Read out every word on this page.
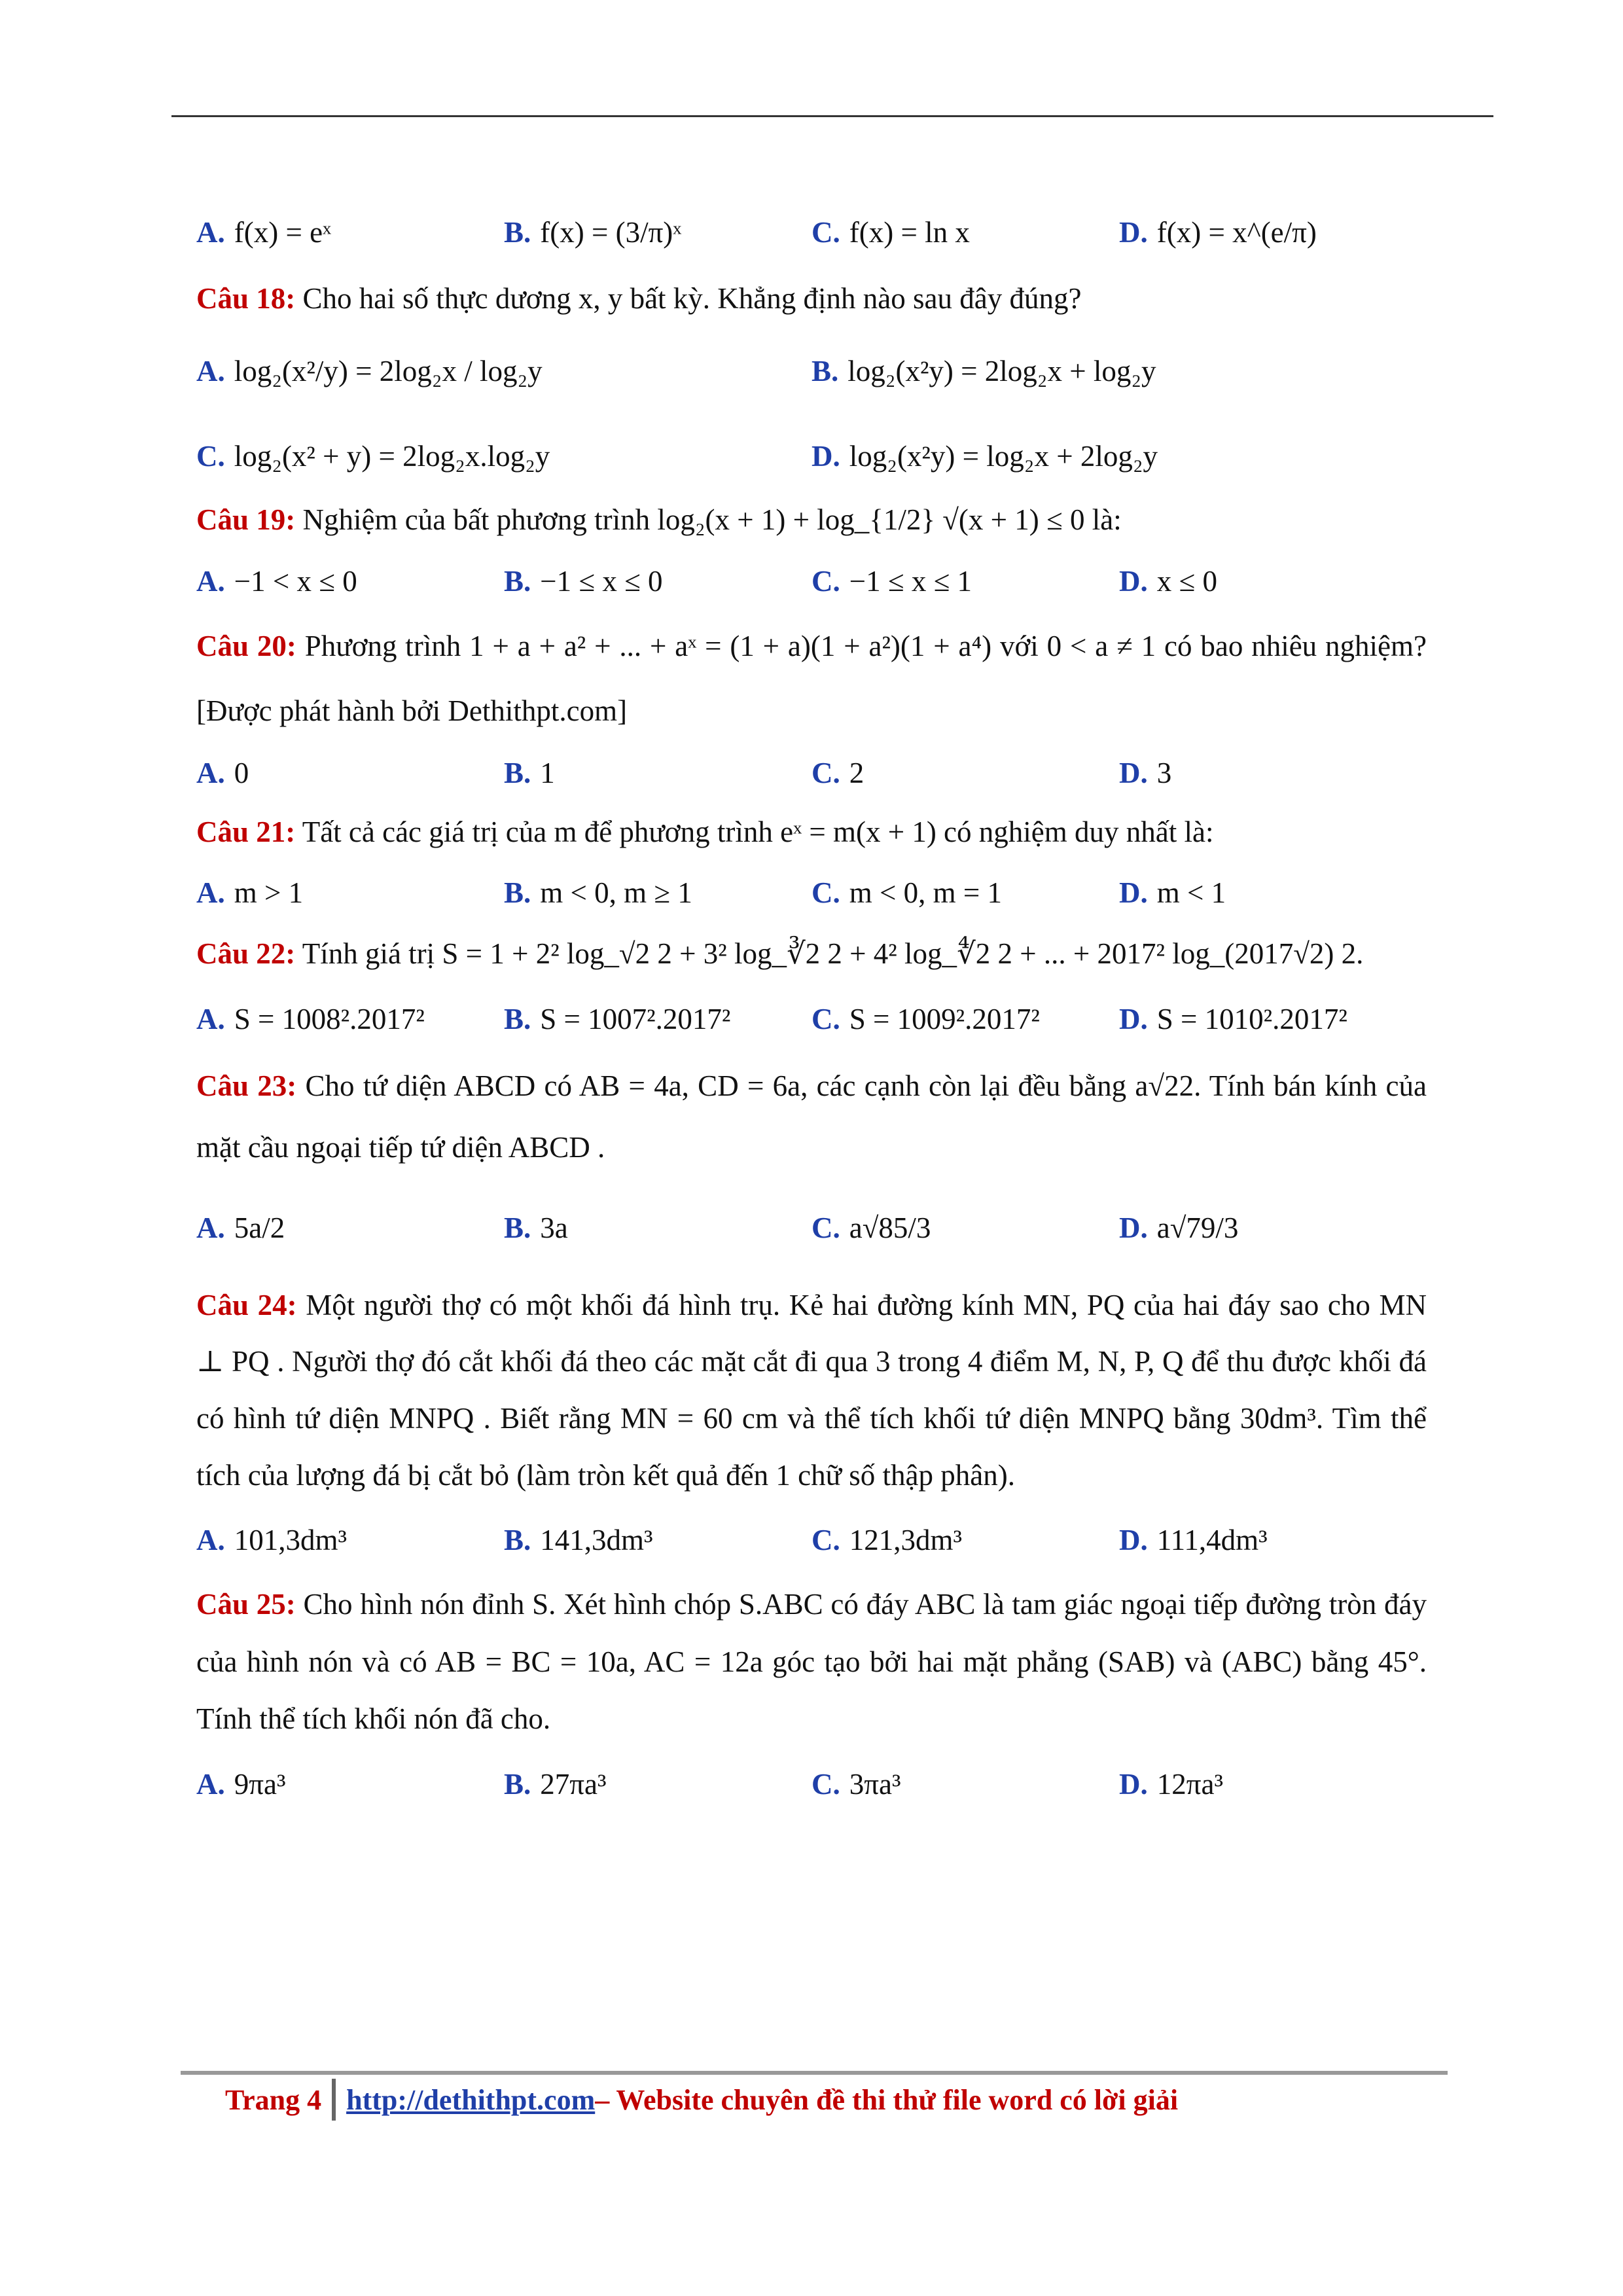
A. f(x) = eˣ	B. f(x) = (3/π)ˣ	C. f(x) = ln x	D. f(x) = x^(e/π)

Câu 18: Cho hai số thực dương x, y bất kỳ. Khẳng định nào sau đây đúng?

A. log₂(x²/y) = 2log₂x / log₂y	B. log₂(x²y) = 2log₂x + log₂y
C. log₂(x² + y) = 2log₂x.log₂y	D. log₂(x²y) = log₂x + 2log₂y

Câu 19: Nghiệm của bất phương trình log₂(x + 1) + log_{1/2} √(x + 1) ≤ 0 là:

A. −1 < x ≤ 0	B. −1 ≤ x ≤ 0	C. −1 ≤ x ≤ 1	D. x ≤ 0

Câu 20: Phương trình 1 + a + a² + ... + aˣ = (1 + a)(1 + a²)(1 + a⁴) với 0 < a ≠ 1 có bao nhiêu nghiệm?[Được phát hành bởi Dethithpt.com]

A. 0	B. 1	C. 2	D. 3

Câu 21: Tất cả các giá trị của m để phương trình eˣ = m(x + 1) có nghiệm duy nhất là:

A. m > 1	B. m < 0, m ≥ 1	C. m < 0, m = 1	D. m < 1

Câu 22: Tính giá trị S = 1 + 2² log_√2 2 + 3² log_∛2 2 + 4² log_∜2 2 + ... + 2017² log_(2017√2) 2.

A. S = 1008².2017²	B. S = 1007².2017²	C. S = 1009².2017²	D. S = 1010².2017²

Câu 23: Cho tứ diện ABCD có AB = 4a, CD = 6a, các cạnh còn lại đều bằng a√22. Tính bán kính của mặt cầu ngoại tiếp tứ diện ABCD .

A. 5a/2	B. 3a	C. a√85/3	D. a√79/3

Câu 24: Một người thợ có một khối đá hình trụ. Kẻ hai đường kính MN, PQ của hai đáy sao cho MN ⊥ PQ . Người thợ đó cắt khối đá theo các mặt cắt đi qua 3 trong 4 điểm M, N, P, Q để thu được khối đá có hình tứ diện MNPQ . Biết rằng MN = 60 cm và thể tích khối tứ diện MNPQ bằng 30dm³. Tìm thể tích của lượng đá bị cắt bỏ (làm tròn kết quả đến 1 chữ số thập phân).

A. 101,3dm³	B. 141,3dm³	C. 121,3dm³	D. 111,4dm³

Câu 25: Cho hình nón đỉnh S. Xét hình chóp S.ABC có đáy ABC là tam giác ngoại tiếp đường tròn đáy của hình nón và có AB = BC = 10a, AC = 12a góc tạo bởi hai mặt phẳng (SAB) và (ABC) bằng 45°. Tính thể tích khối nón đã cho.

A. 9πa³	B. 27πa³	C. 3πa³	D. 12πa³
Trang 4 http://dethithpt.com – Website chuyên đề thi thử file word có lời giải
